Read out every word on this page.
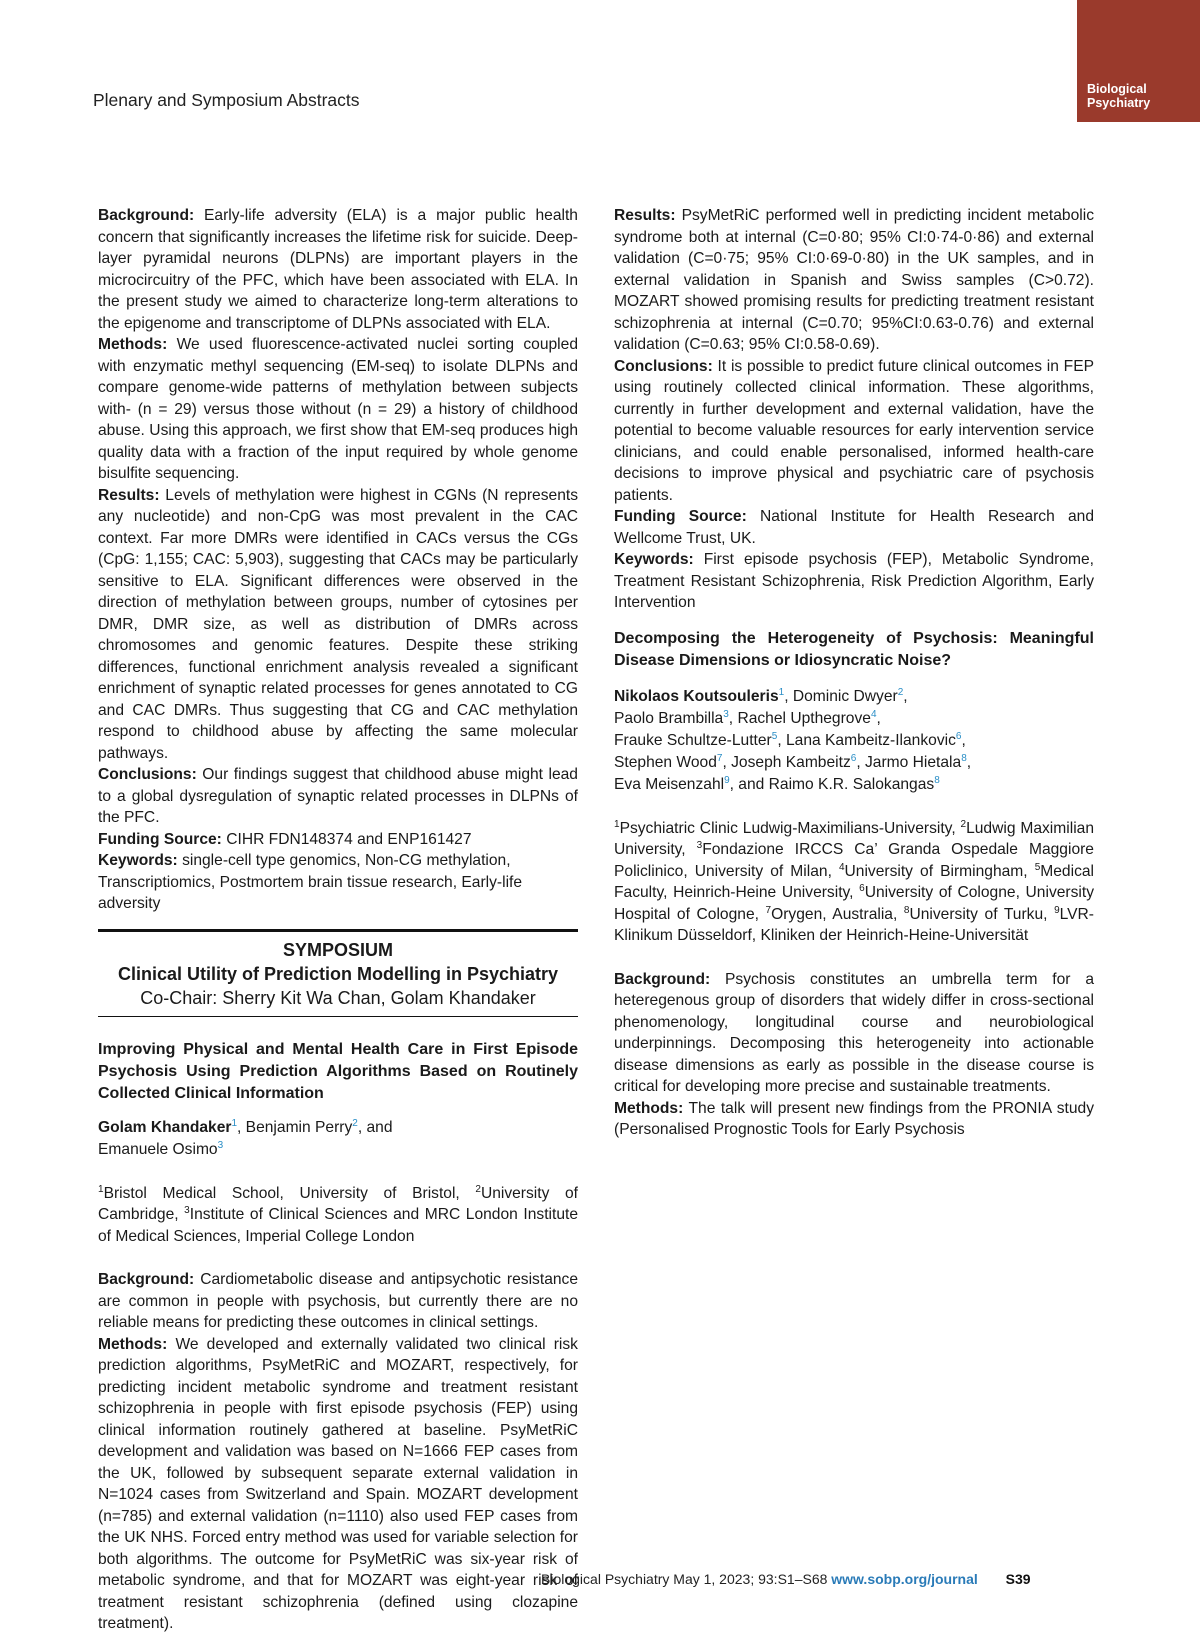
Plenary and Symposium Abstracts
Biological
Psychiatry

Background: Early-life adversity (ELA) is a major public health concern that significantly increases the lifetime risk for suicide. Deep-layer pyramidal neurons (DLPNs) are important players in the microcircuitry of the PFC, which have been associated with ELA. In the present study we aimed to characterize long-term alterations to the epigenome and transcriptome of DLPNs associated with ELA.

Methods: We used fluorescence-activated nuclei sorting coupled with enzymatic methyl sequencing (EM-seq) to isolate DLPNs and compare genome-wide patterns of methylation between subjects with- (n = 29) versus those without (n = 29) a history of childhood abuse. Using this approach, we first show that EM-seq produces high quality data with a fraction of the input required by whole genome bisulfite sequencing.

Results: Levels of methylation were highest in CGNs (N represents any nucleotide) and non-CpG was most prevalent in the CAC context. Far more DMRs were identified in CACs versus the CGs (CpG: 1,155; CAC: 5,903), suggesting that CACs may be particularly sensitive to ELA. Significant differences were observed in the direction of methylation between groups, number of cytosines per DMR, DMR size, as well as distribution of DMRs across chromosomes and genomic features. Despite these striking differences, functional enrichment analysis revealed a significant enrichment of synaptic related processes for genes annotated to CG and CAC DMRs. Thus suggesting that CG and CAC methylation respond to childhood abuse by affecting the same molecular pathways.

Conclusions: Our findings suggest that childhood abuse might lead to a global dysregulation of synaptic related processes in DLPNs of the PFC.

Funding Source: CIHR FDN148374 and ENP161427

Keywords: single-cell type genomics, Non-CG methylation, Transcriptiomics, Postmortem brain tissue research, Early-life adversity

SYMPOSIUM
Clinical Utility of Prediction Modelling in Psychiatry
Co-Chair: Sherry Kit Wa Chan, Golam Khandaker

Improving Physical and Mental Health Care in First Episode Psychosis Using Prediction Algorithms Based on Routinely Collected Clinical Information

Golam Khandaker$^1$, Benjamin Perry$^2$, and
Emanuele Osimo$^3$

$^1$Bristol Medical School, University of Bristol, $^2$University of Cambridge, $^3$Institute of Clinical Sciences and MRC London Institute of Medical Sciences, Imperial College London

Background: Cardiometabolic disease and antipsychotic resistance are common in people with psychosis, but currently there are no reliable means for predicting these outcomes in clinical settings.

Methods: We developed and externally validated two clinical risk prediction algorithms, PsyMetRiC and MOZART, respectively, for predicting incident metabolic syndrome and treatment resistant schizophrenia in people with first episode psychosis (FEP) using clinical information routinely gathered at baseline. PsyMetRiC development and validation was based on N=1666 FEP cases from the UK, followed by subsequent separate external validation in N=1024 cases from Switzerland and Spain. MOZART development (n=785) and external validation (n=1110) also used FEP cases from the UK NHS. Forced entry method was used for variable selection for both algorithms. The outcome for PsyMetRiC was six-year risk of metabolic syndrome, and that for MOZART was eight-year risk of treatment resistant schizophrenia (defined using clozapine treatment).

Results: PsyMetRiC performed well in predicting incident metabolic syndrome both at internal (C=0·80; 95% CI:0·74-0·86) and external validation (C=0·75; 95% CI:0·69-0·80) in the UK samples, and in external validation in Spanish and Swiss samples (C>0.72). MOZART showed promising results for predicting treatment resistant schizophrenia at internal (C=0.70; 95%CI:0.63-0.76) and external validation (C=0.63; 95% CI:0.58-0.69).

Conclusions: It is possible to predict future clinical outcomes in FEP using routinely collected clinical information. These algorithms, currently in further development and external validation, have the potential to become valuable resources for early intervention service clinicians, and could enable personalised, informed health-care decisions to improve physical and psychiatric care of psychosis patients.

Funding Source: National Institute for Health Research and Wellcome Trust, UK.

Keywords: First episode psychosis (FEP), Metabolic Syndrome, Treatment Resistant Schizophrenia, Risk Prediction Algorithm, Early Intervention

Decomposing the Heterogeneity of Psychosis: Meaningful Disease Dimensions or Idiosyncratic Noise?

Nikolaos Koutsouleris$^1$, Dominic Dwyer$^2$,
Paolo Brambilla$^3$, Rachel Upthegrove$^4$,
Frauke Schultze-Lutter$^5$, Lana Kambeitz-Ilankovic$^6$,
Stephen Wood$^7$, Joseph Kambeitz$^6$, Jarmo Hietala$^8$,
Eva Meisenzahl$^9$, and Raimo K.R. Salokangas$^8$

$^1$Psychiatric Clinic Ludwig-Maximilians-University, $^2$Ludwig Maximilian University, $^3$Fondazione IRCCS Ca’ Granda Ospedale Maggiore Policlinico, University of Milan, $^4$University of Birmingham, $^5$Medical Faculty, Heinrich-Heine University, $^6$University of Cologne, University Hospital of Cologne, $^7$Orygen, Australia, $^8$University of Turku, $^9$LVR-Klinikum Düsseldorf, Kliniken der Heinrich-Heine-Universität

Background: Psychosis constitutes an umbrella term for a heteregenous group of disorders that widely differ in cross-sectional phenomenology, longitudinal course and neurobiological underpinnings. Decomposing this heterogeneity into actionable disease dimensions as early as possible in the disease course is critical for developing more precise and sustainable treatments.

Methods: The talk will present new findings from the PRONIA study (Personalised Prognostic Tools for Early Psychosis

Biological Psychiatry May 1, 2023; 93:S1–S68 www.sobp.org/journal S39
